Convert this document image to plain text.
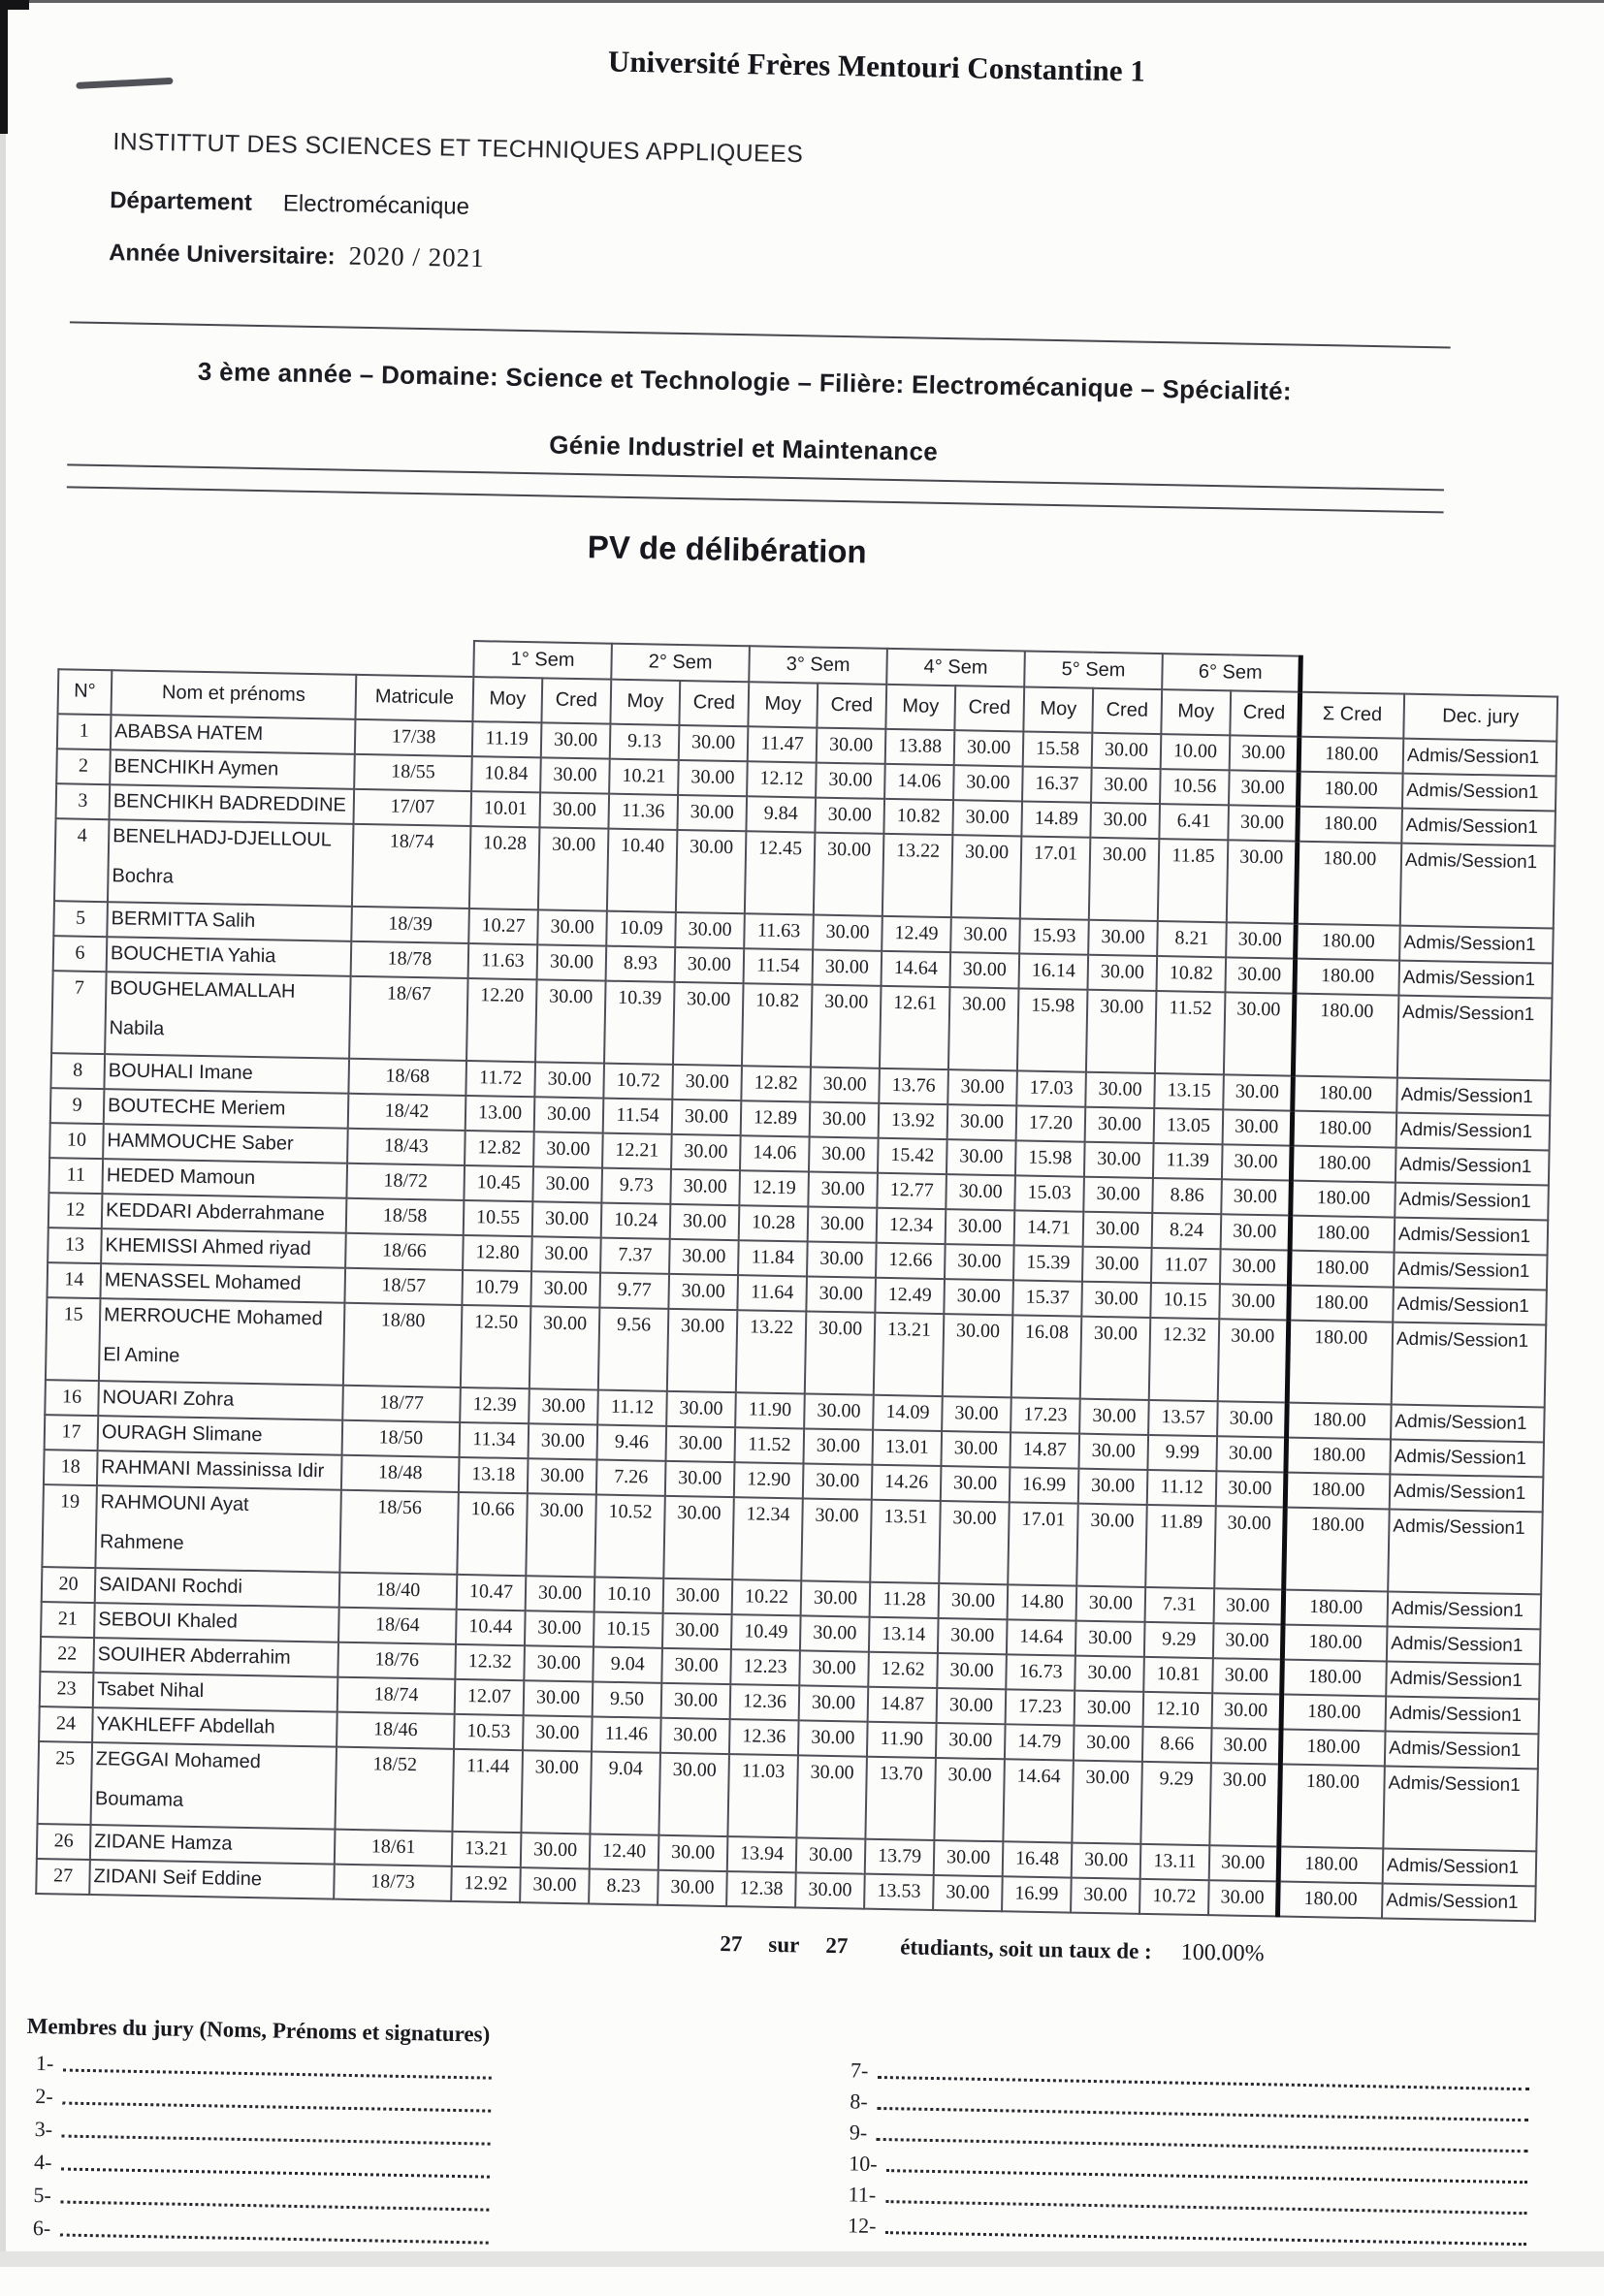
Université Frères Mentouri Constantine 1
INSTITTUT DES SCIENCES ET TECHNIQUES APPLIQUEES
Département Electromécanique
Année Universitaire: 2020 / 2021
3 ème année – Domaine: Science et Technologie – Filière: Electromécanique – Spécialité:
Génie Industriel et Maintenance
PV de délibération
			1° Sem		2° Sem		3° Sem		4° Sem		5° Sem		6° Sem			
N°	Nom et prénoms	Matricule	Moy	Cred	Moy	Cred	Moy	Cred	Moy	Cred	Moy	Cred	Moy	Cred	Σ Cred	Dec. jury
1	ABABSA HATEM	17/38	11.19	30.00	9.13	30.00	11.47	30.00	13.88	30.00	15.58	30.00	10.00	30.00	180.00	Admis/Session1
2	BENCHIKH Aymen	18/55	10.84	30.00	10.21	30.00	12.12	30.00	14.06	30.00	16.37	30.00	10.56	30.00	180.00	Admis/Session1
3	BENCHIKH BADREDDINE	17/07	10.01	30.00	11.36	30.00	9.84	30.00	10.82	30.00	14.89	30.00	6.41	30.00	180.00	Admis/Session1
4	BENELHADJ-DJELLOUL
Bochra	18/74	10.28	30.00	10.40	30.00	12.45	30.00	13.22	30.00	17.01	30.00	11.85	30.00	180.00	Admis/Session1
5	BERMITTA Salih	18/39	10.27	30.00	10.09	30.00	11.63	30.00	12.49	30.00	15.93	30.00	8.21	30.00	180.00	Admis/Session1
6	BOUCHETIA Yahia	18/78	11.63	30.00	8.93	30.00	11.54	30.00	14.64	30.00	16.14	30.00	10.82	30.00	180.00	Admis/Session1
7	BOUGHELAMALLAH
Nabila	18/67	12.20	30.00	10.39	30.00	10.82	30.00	12.61	30.00	15.98	30.00	11.52	30.00	180.00	Admis/Session1
8	BOUHALI Imane	18/68	11.72	30.00	10.72	30.00	12.82	30.00	13.76	30.00	17.03	30.00	13.15	30.00	180.00	Admis/Session1
9	BOUTECHE Meriem	18/42	13.00	30.00	11.54	30.00	12.89	30.00	13.92	30.00	17.20	30.00	13.05	30.00	180.00	Admis/Session1
10	HAMMOUCHE Saber	18/43	12.82	30.00	12.21	30.00	14.06	30.00	15.42	30.00	15.98	30.00	11.39	30.00	180.00	Admis/Session1
11	HEDED Mamoun	18/72	10.45	30.00	9.73	30.00	12.19	30.00	12.77	30.00	15.03	30.00	8.86	30.00	180.00	Admis/Session1
12	KEDDARI Abderrahmane	18/58	10.55	30.00	10.24	30.00	10.28	30.00	12.34	30.00	14.71	30.00	8.24	30.00	180.00	Admis/Session1
13	KHEMISSI Ahmed riyad	18/66	12.80	30.00	7.37	30.00	11.84	30.00	12.66	30.00	15.39	30.00	11.07	30.00	180.00	Admis/Session1
14	MENASSEL Mohamed	18/57	10.79	30.00	9.77	30.00	11.64	30.00	12.49	30.00	15.37	30.00	10.15	30.00	180.00	Admis/Session1
15	MERROUCHE Mohamed
El Amine	18/80	12.50	30.00	9.56	30.00	13.22	30.00	13.21	30.00	16.08	30.00	12.32	30.00	180.00	Admis/Session1
16	NOUARI Zohra	18/77	12.39	30.00	11.12	30.00	11.90	30.00	14.09	30.00	17.23	30.00	13.57	30.00	180.00	Admis/Session1
17	OURAGH Slimane	18/50	11.34	30.00	9.46	30.00	11.52	30.00	13.01	30.00	14.87	30.00	9.99	30.00	180.00	Admis/Session1
18	RAHMANI Massinissa Idir	18/48	13.18	30.00	7.26	30.00	12.90	30.00	14.26	30.00	16.99	30.00	11.12	30.00	180.00	Admis/Session1
19	RAHMOUNI Ayat
Rahmene	18/56	10.66	30.00	10.52	30.00	12.34	30.00	13.51	30.00	17.01	30.00	11.89	30.00	180.00	Admis/Session1
20	SAIDANI Rochdi	18/40	10.47	30.00	10.10	30.00	10.22	30.00	11.28	30.00	14.80	30.00	7.31	30.00	180.00	Admis/Session1
21	SEBOUI Khaled	18/64	10.44	30.00	10.15	30.00	10.49	30.00	13.14	30.00	14.64	30.00	9.29	30.00	180.00	Admis/Session1
22	SOUIHER Abderrahim	18/76	12.32	30.00	9.04	30.00	12.23	30.00	12.62	30.00	16.73	30.00	10.81	30.00	180.00	Admis/Session1
23	Tsabet Nihal	18/74	12.07	30.00	9.50	30.00	12.36	30.00	14.87	30.00	17.23	30.00	12.10	30.00	180.00	Admis/Session1
24	YAKHLEFF Abdellah	18/46	10.53	30.00	11.46	30.00	12.36	30.00	11.90	30.00	14.79	30.00	8.66	30.00	180.00	Admis/Session1
25	ZEGGAI Mohamed
Boumama	18/52	11.44	30.00	9.04	30.00	11.03	30.00	13.70	30.00	14.64	30.00	9.29	30.00	180.00	Admis/Session1
26	ZIDANE Hamza	18/61	13.21	30.00	12.40	30.00	13.94	30.00	13.79	30.00	16.48	30.00	13.11	30.00	180.00	Admis/Session1
27	ZIDANI Seif Eddine	18/73	12.92	30.00	8.23	30.00	12.38	30.00	13.53	30.00	16.99	30.00	10.72	30.00	180.00	Admis/Session1
27 sur 27 étudiants, soit un taux de : 100.00%
Membres du jury (Noms, Prénoms et signatures)
1-
2-
3-
4-
5-
6-
7-
8-
9-
10-
11-
12-
